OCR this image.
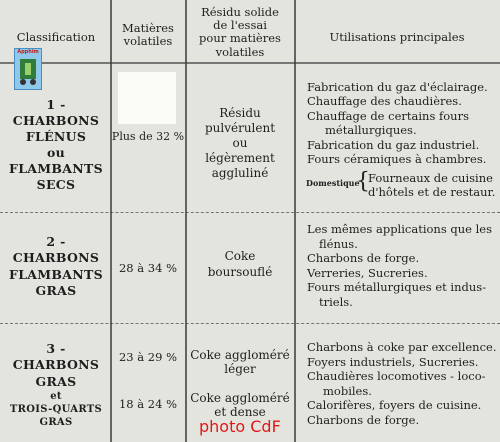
Classification
Matières
volatiles
Résidu solide
de l'essai
pour matières
volatiles
Utilisations principales
Apphim
1 - CHARBONS
FLÉNUS
ou
FLAMBANTS
SECS
Plus de 32 %
Résidu
pulvérulent
ou
légèrement
aggluliné
Fabrication du gaz d'éclairage.
Chauffage des chaudières.
Chauffage de certains fours
métallurgiques.
Fabrication du gaz industriel.
Fours céramiques à chambres.
Domestique
{
Fourneaux de cuisine
d'hôtels et de restaur.
2 - CHARBONS
FLAMBANTS
GRAS
28 à 34 %
Coke
boursouflé
Les mêmes applications que les
flénus.
Charbons de forge.
Verreries, Sucreries.
Fours métallurgiques et indus-
triels.
3 - CHARBONS
GRAS
et
TROIS-QUARTS
GRAS
23 à 29 %
18 à 24 %
Coke aggloméré
léger
Coke aggloméré
et dense
Charbons à coke par excellence.
Foyers industriels, Sucreries.
Chaudières locomotives - loco-
mobiles.
Calorifères, foyers de cuisine.
Charbons de forge.
photo CdF
